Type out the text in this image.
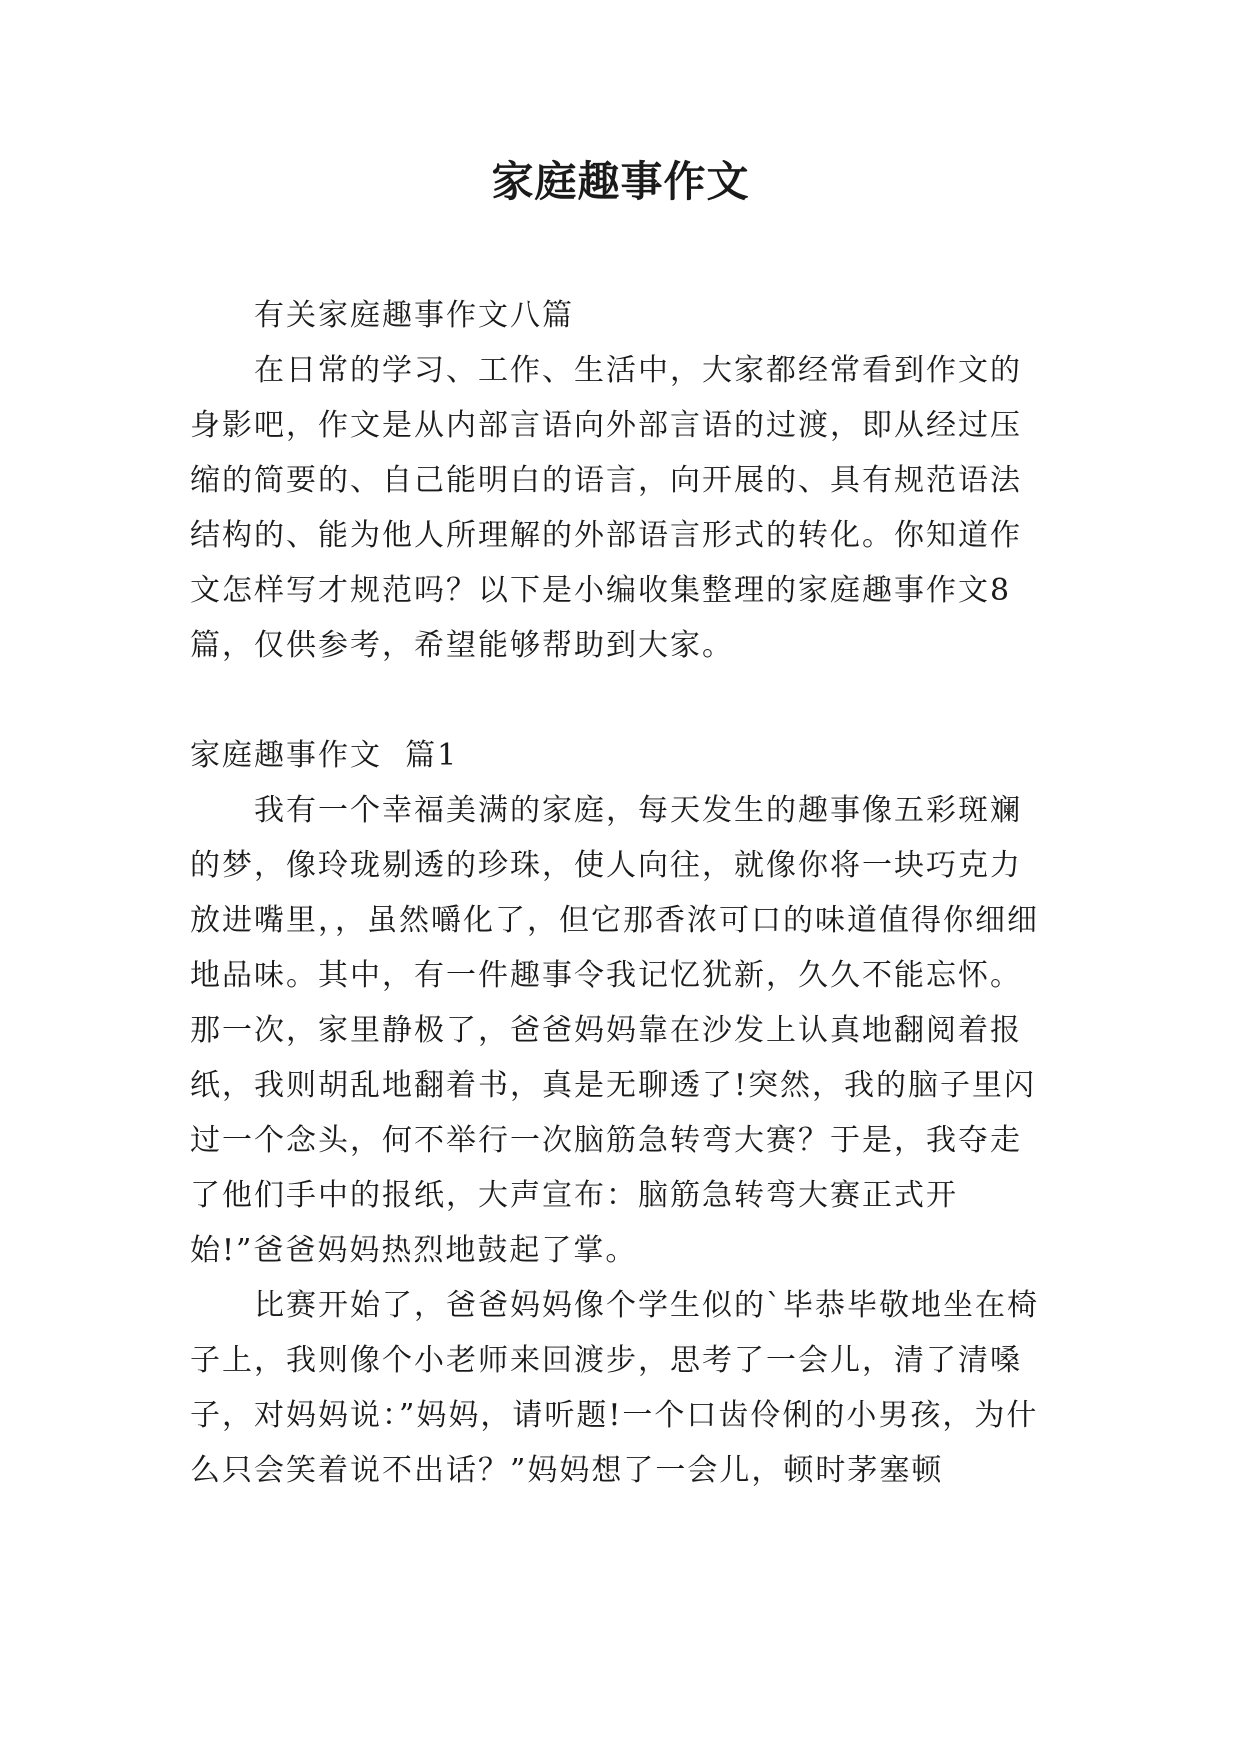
家庭趣事作文

有关家庭趣事作文八篇

在日常的学习、工作、生活中，大家都经常看到作文的身影吧，作文是从内部言语向外部言语的过渡，即从经过压缩的简要的、自己能明白的语言，向开展的、具有规范语法结构的、能为他人所理解的外部语言形式的转化。你知道作文怎样写才规范吗？以下是小编收集整理的家庭趣事作文8篇，仅供参考，希望能够帮助到大家。

家庭趣事作文  篇1

我有一个幸福美满的家庭，每天发生的趣事像五彩斑斓的梦，像玲珑剔透的珍珠，使人向往，就像你将一块巧克力放进嘴里，，虽然嚼化了，但它那香浓可口的味道值得你细细地品味。其中，有一件趣事令我记忆犹新，久久不能忘怀。那一次，家里静极了，爸爸妈妈靠在沙发上认真地翻阅着报纸，我则胡乱地翻着书，真是无聊透了!突然，我的脑子里闪过一个念头，何不举行一次脑筋急转弯大赛？于是，我夺走了他们手中的报纸，大声宣布：脑筋急转弯大赛正式开始!”爸爸妈妈热烈地鼓起了掌。

比赛开始了，爸爸妈妈像个学生似的`毕恭毕敬地坐在椅子上，我则像个小老师来回渡步，思考了一会儿，清了清嗓子，对妈妈说：”妈妈，请听题!一个口齿伶俐的小男孩，为什么只会笑着说不出话？”妈妈想了一会儿，顿时茅塞顿
